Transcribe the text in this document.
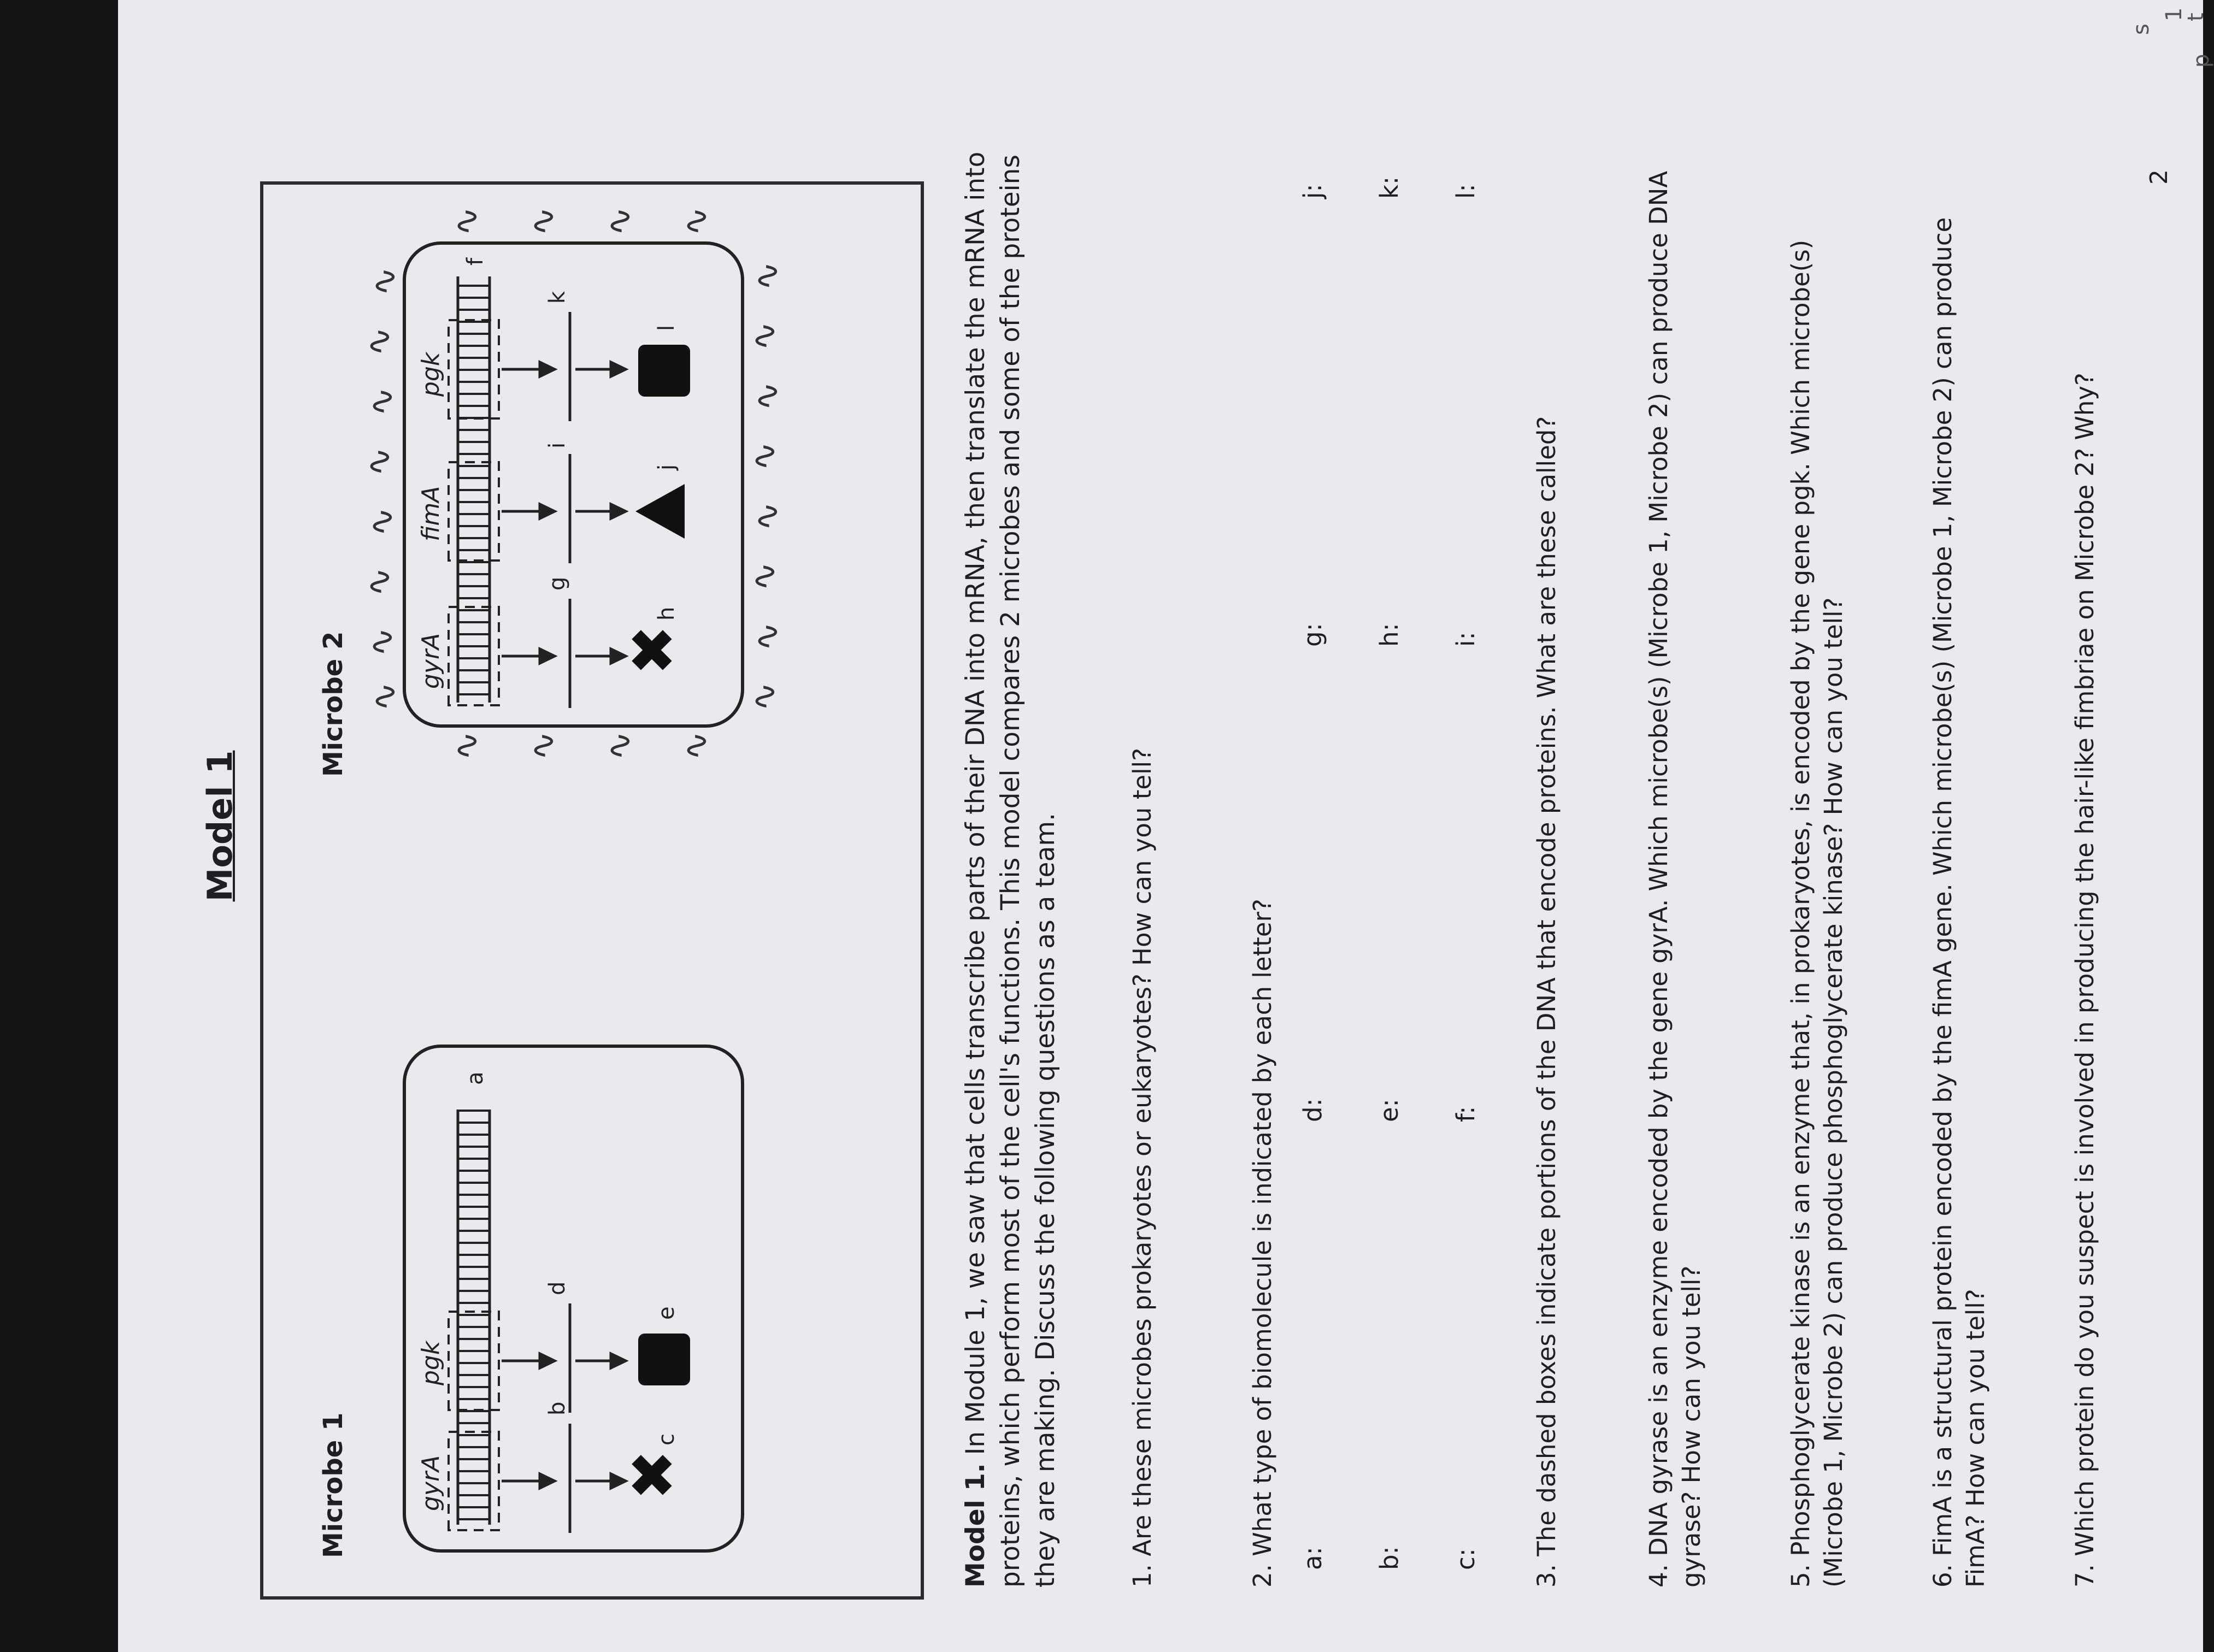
Model 1
Microbe 1	gyrA
pgk
a
b
d
✖
c
e
Microbe 2	gyrA
fimA
pgk
f
g
i
k
✖
h
j
l
∿
∿
∿
∿
∿
∿
∿
∿
∿
∿
∿
∿
∿
∿
∿
∿
∿ ∿ ∿ ∿
∿ ∿ ∿ ∿
Model 1. In Module 1, we saw that cells transcribe parts of their DNA into mRNA, then translate the mRNA into proteins, which perform most of the cell's functions. This model compares 2 microbes and some of the proteins they are making. Discuss the following questions as a team.	1. Are these microbes prokaryotes or eukaryotes? How can you tell?	2. What type of biomolecule is indicated by each letter? a: b: c:
d: e: f:
g: h: i:
j: k: l:
3. The dashed boxes indicate portions of the DNA that encode proteins. What are these called?	4. DNA gyrase is an enzyme encoded by the gene gyrA. Which microbe(s) (Microbe 1, Microbe 2) can produce DNA gyrase? How can you tell?	5. Phosphoglycerate kinase is an enzyme that, in prokaryotes, is encoded by the gene pgk. Which microbe(s) (Microbe 1, Microbe 2) can produce phosphoglycerate kinase? How can you tell?	6. FimA is a structural protein encoded by the fimA gene. Which microbe(s) (Microbe 1, Microbe 2) can produce FimA? How can you tell?	7. Which protein do you suspect is involved in producing the hair-like fimbriae on Microbe 2? Why?
2
1
t
p
s
